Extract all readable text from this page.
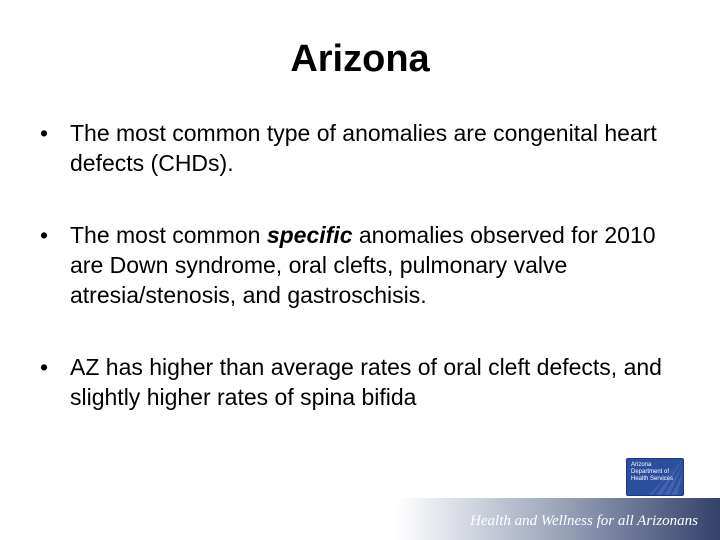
Arizona
• The most common type of anomalies are congenital heart defects (CHDs).
• The most common specific anomalies observed for 2010 are Down syndrome, oral clefts, pulmonary valve atresia/stenosis, and gastroschisis.
• AZ has higher than average rates of oral cleft defects, and slightly higher rates of spina bifida
Arizona
Department of
Health Services
Health and Wellness for all Arizonans
